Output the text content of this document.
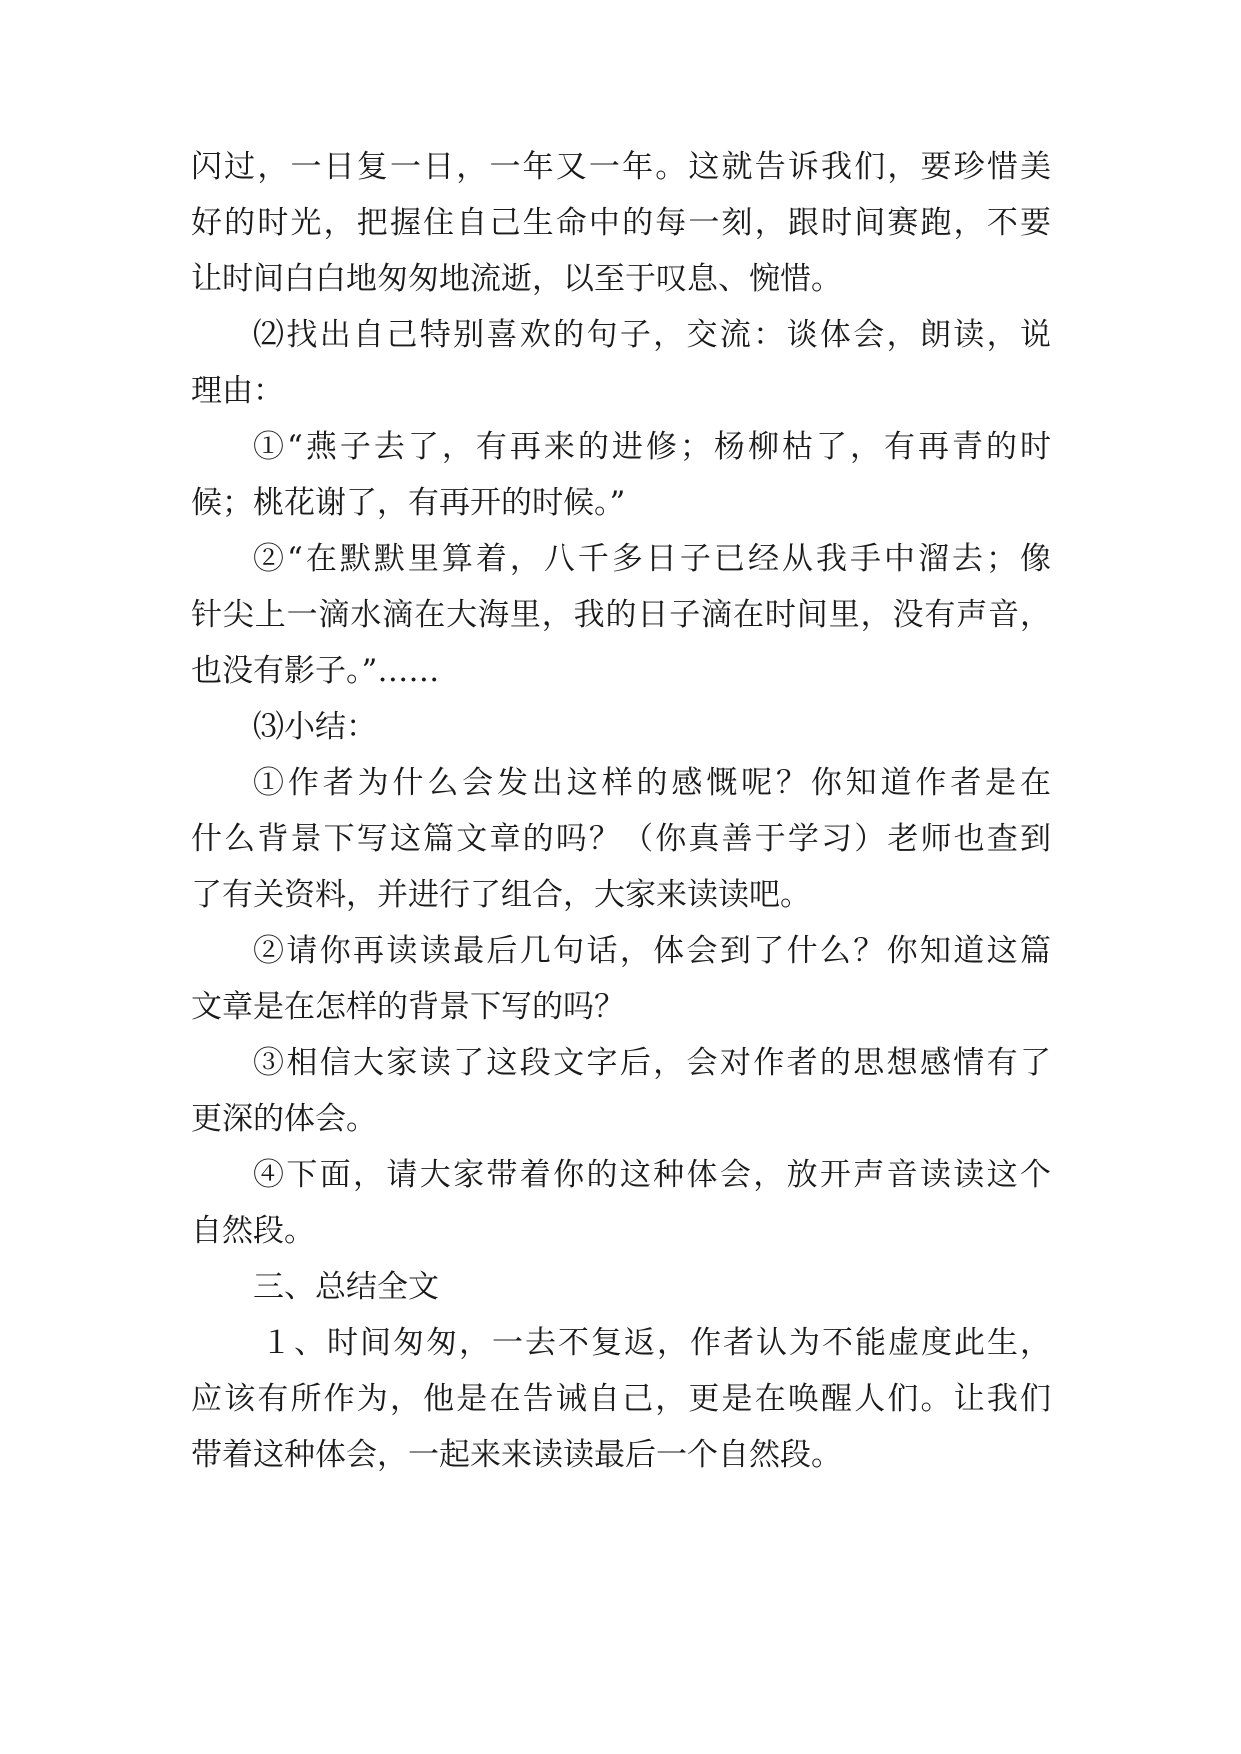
闪过，一日复一日，一年又一年。这就告诉我们，要珍惜美
好的时光，把握住自己生命中的每一刻，跟时间赛跑，不要
让时间白白地匆匆地流逝，以至于叹息、惋惜。
⑵找出自己特别喜欢的句子，交流：谈体会，朗读，说
理由：
①“燕子去了，有再来的进修；杨柳枯了，有再青的时
候；桃花谢了，有再开的时候。”
②“在默默里算着，八千多日子已经从我手中溜去；像
针尖上一滴水滴在大海里，我的日子滴在时间里，没有声音，
也没有影子。”……
⑶小结：
①作者为什么会发出这样的感慨呢？你知道作者是在
什么背景下写这篇文章的吗？（你真善于学习）老师也查到
了有关资料，并进行了组合，大家来读读吧。
②请你再读读最后几句话，体会到了什么？你知道这篇
文章是在怎样的背景下写的吗？
③相信大家读了这段文字后，会对作者的思想感情有了
更深的体会。
④下面，请大家带着你的这种体会，放开声音读读这个
自然段。
三、总结全文
１、时间匆匆，一去不复返，作者认为不能虚度此生，
应该有所作为，他是在告诫自己，更是在唤醒人们。让我们
带着这种体会，一起来来读读最后一个自然段。
